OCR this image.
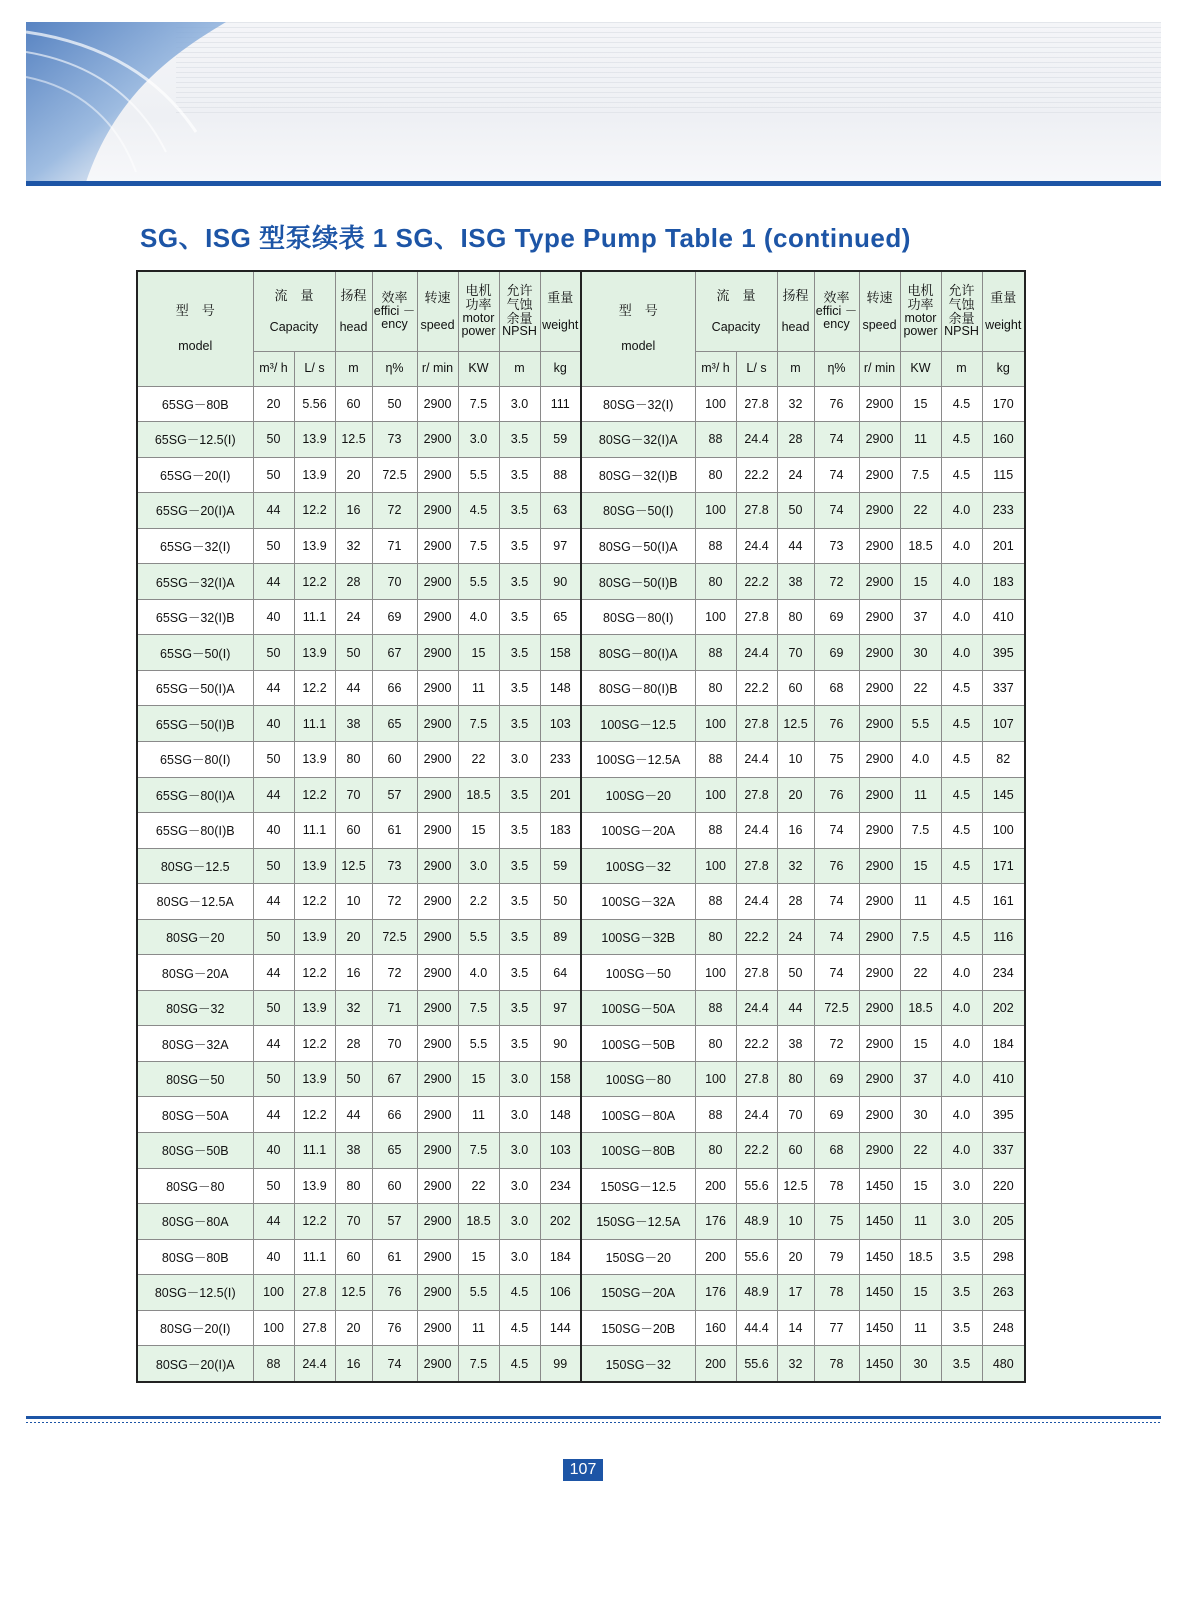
SG、ISG 型泵续表 1 SG、ISG Type Pump Table 1 (continued)
型　号
model	流　量
Capacity		扬程
head	效率
effici －
ency	转速
speed	电机
功率
motor
power	允许
气蚀
余量
NPSH	重量
weight	型　号
model	流　量
Capacity		扬程
head	效率
effici －
ency	转速
speed	电机
功率
motor
power	允许
气蚀
余量
NPSH	重量
weight

	m³/ h	L/ s	m	η%	r/ min	KW	m	kg		m³/ h	L/ s	m	η%	r/ min	KW	m	kg
65SG－80B	20	5.56	60	50	2900	7.5	3.0	111	80SG－32(Ⅰ)	100	27.8	32	76	2900	15	4.5	170
65SG－12.5(Ⅰ)	50	13.9	12.5	73	2900	3.0	3.5	59	80SG－32(Ⅰ)A	88	24.4	28	74	2900	11	4.5	160
65SG－20(Ⅰ)	50	13.9	20	72.5	2900	5.5	3.5	88	80SG－32(Ⅰ)B	80	22.2	24	74	2900	7.5	4.5	115
65SG－20(Ⅰ)A	44	12.2	16	72	2900	4.5	3.5	63	80SG－50(Ⅰ)	100	27.8	50	74	2900	22	4.0	233
65SG－32(Ⅰ)	50	13.9	32	71	2900	7.5	3.5	97	80SG－50(Ⅰ)A	88	24.4	44	73	2900	18.5	4.0	201
65SG－32(Ⅰ)A	44	12.2	28	70	2900	5.5	3.5	90	80SG－50(Ⅰ)B	80	22.2	38	72	2900	15	4.0	183
65SG－32(Ⅰ)B	40	11.1	24	69	2900	4.0	3.5	65	80SG－80(Ⅰ)	100	27.8	80	69	2900	37	4.0	410
65SG－50(Ⅰ)	50	13.9	50	67	2900	15	3.5	158	80SG－80(Ⅰ)A	88	24.4	70	69	2900	30	4.0	395
65SG－50(Ⅰ)A	44	12.2	44	66	2900	11	3.5	148	80SG－80(Ⅰ)B	80	22.2	60	68	2900	22	4.5	337
65SG－50(Ⅰ)B	40	11.1	38	65	2900	7.5	3.5	103	100SG－12.5	100	27.8	12.5	76	2900	5.5	4.5	107
65SG－80(Ⅰ)	50	13.9	80	60	2900	22	3.0	233	100SG－12.5A	88	24.4	10	75	2900	4.0	4.5	82
65SG－80(Ⅰ)A	44	12.2	70	57	2900	18.5	3.5	201	100SG－20	100	27.8	20	76	2900	11	4.5	145
65SG－80(Ⅰ)B	40	11.1	60	61	2900	15	3.5	183	100SG－20A	88	24.4	16	74	2900	7.5	4.5	100
80SG－12.5	50	13.9	12.5	73	2900	3.0	3.5	59	100SG－32	100	27.8	32	76	2900	15	4.5	171
80SG－12.5A	44	12.2	10	72	2900	2.2	3.5	50	100SG－32A	88	24.4	28	74	2900	11	4.5	161
80SG－20	50	13.9	20	72.5	2900	5.5	3.5	89	100SG－32B	80	22.2	24	74	2900	7.5	4.5	116
80SG－20A	44	12.2	16	72	2900	4.0	3.5	64	100SG－50	100	27.8	50	74	2900	22	4.0	234
80SG－32	50	13.9	32	71	2900	7.5	3.5	97	100SG－50A	88	24.4	44	72.5	2900	18.5	4.0	202
80SG－32A	44	12.2	28	70	2900	5.5	3.5	90	100SG－50B	80	22.2	38	72	2900	15	4.0	184
80SG－50	50	13.9	50	67	2900	15	3.0	158	100SG－80	100	27.8	80	69	2900	37	4.0	410
80SG－50A	44	12.2	44	66	2900	11	3.0	148	100SG－80A	88	24.4	70	69	2900	30	4.0	395
80SG－50B	40	11.1	38	65	2900	7.5	3.0	103	100SG－80B	80	22.2	60	68	2900	22	4.0	337
80SG－80	50	13.9	80	60	2900	22	3.0	234	150SG－12.5	200	55.6	12.5	78	1450	15	3.0	220
80SG－80A	44	12.2	70	57	2900	18.5	3.0	202	150SG－12.5A	176	48.9	10	75	1450	11	3.0	205
80SG－80B	40	11.1	60	61	2900	15	3.0	184	150SG－20	200	55.6	20	79	1450	18.5	3.5	298
80SG－12.5(Ⅰ)	100	27.8	12.5	76	2900	5.5	4.5	106	150SG－20A	176	48.9	17	78	1450	15	3.5	263
80SG－20(Ⅰ)	100	27.8	20	76	2900	11	4.5	144	150SG－20B	160	44.4	14	77	1450	11	3.5	248
80SG－20(Ⅰ)A	88	24.4	16	74	2900	7.5	4.5	99	150SG－32	200	55.6	32	78	1450	30	3.5	480
107
